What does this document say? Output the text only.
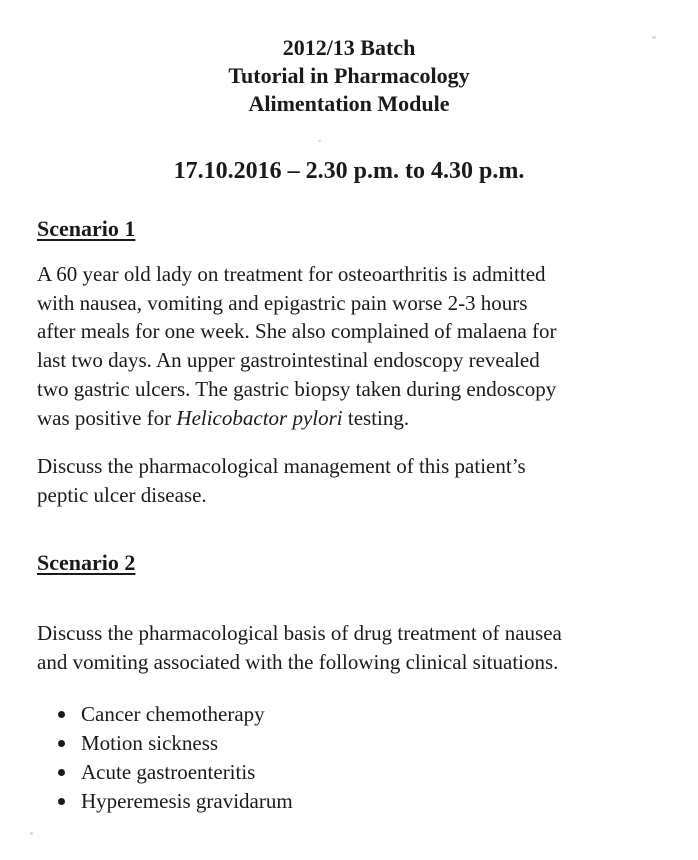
2012/13 Batch
Tutorial in Pharmacology
Alimentation Module
17.10.2016 – 2.30 p.m. to 4.30 p.m.
Scenario 1
A 60 year old lady on treatment for osteoarthritis is admitted
with nausea, vomiting and epigastric pain worse 2-3 hours
after meals for one week. She also complained of malaena for
last two days. An upper gastrointestinal endoscopy revealed
two gastric ulcers. The gastric biopsy taken during endoscopy
was positive for Helicobactor pylori testing.
Discuss the pharmacological management of this patient’s
peptic ulcer disease.
Scenario 2
Discuss the pharmacological basis of drug treatment of nausea
and vomiting associated with the following clinical situations.
Cancer chemotherapy
Motion sickness
Acute gastroenteritis
Hyperemesis gravidarum
